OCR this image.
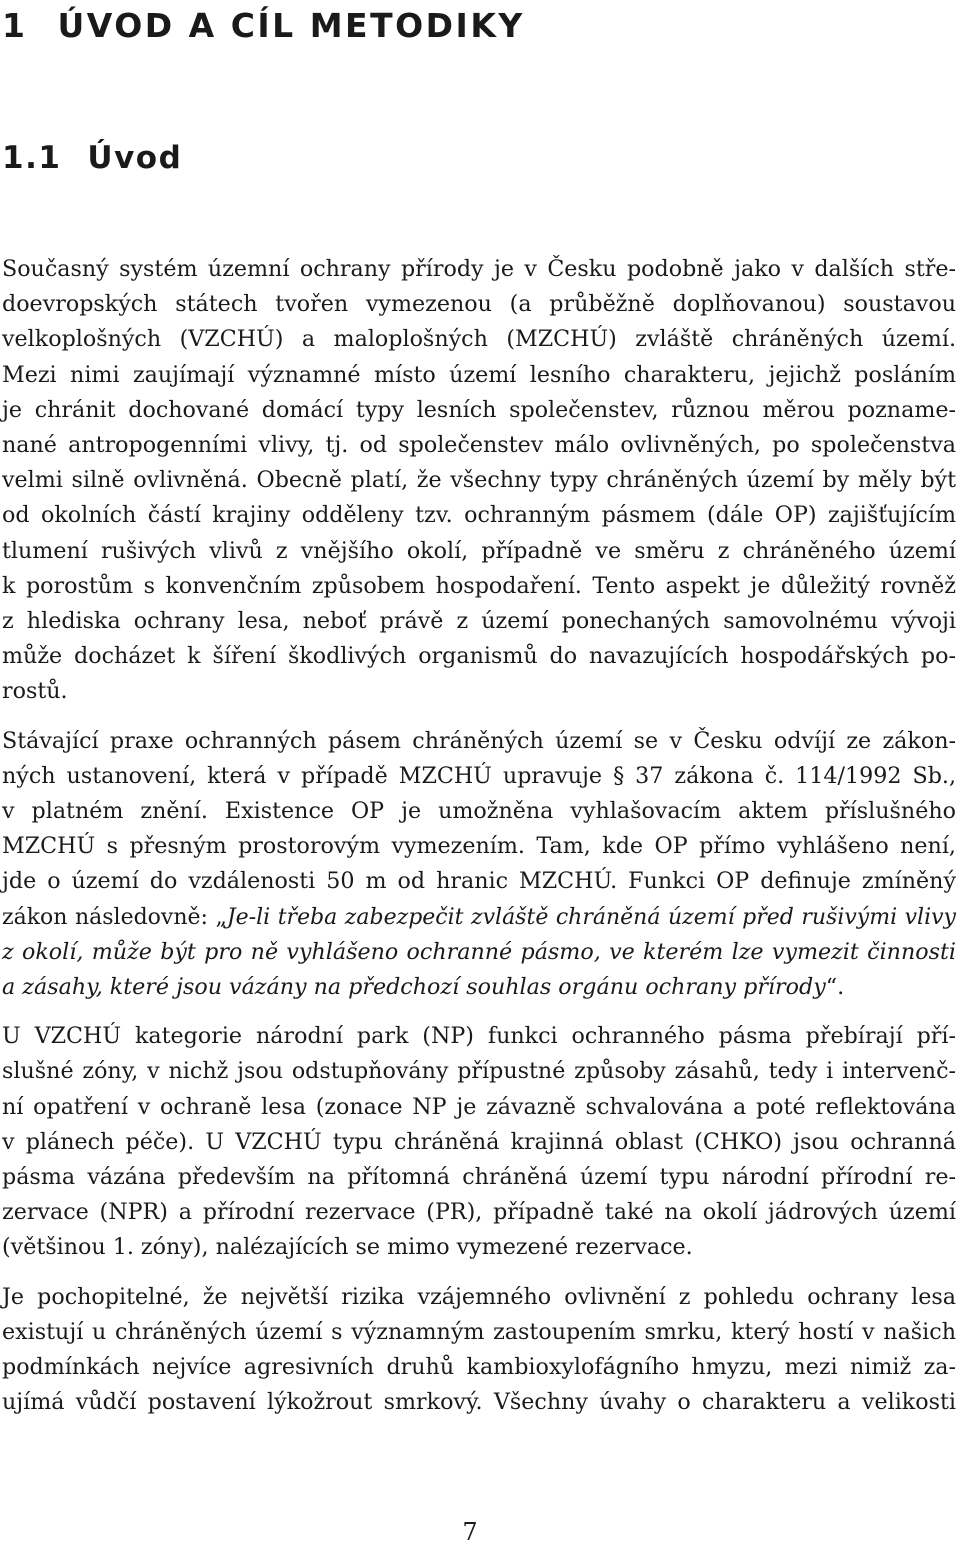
1 ÚVOD A CÍL METODIKY
1.1 Úvod

Současný systém územní ochrany přírody je v Česku podobně jako v dalších stře-
doevropských státech tvořen vymezenou (a průběžně doplňovanou) soustavou
velkoplošných (VZCHÚ) a maloplošných (MZCHÚ) zvláště chráněných území.
Mezi nimi zaujímají významné místo území lesního charakteru, jejichž posláním
je chránit dochované domácí typy lesních společenstev, různou měrou poznamе-
nané antropogenními vlivy, tj. od společenstev málo ovlivněných, po společenstva
velmi silně ovlivněná. Obecně platí, že všechny typy chráněných území by měly být
od okolních částí krajiny odděleny tzv. ochranným pásmem (dále OP) zajišťujícím
tlumení rušivých vlivů z vnějšího okolí, případně ve směru z chráněného území
k porostům s konvenčním způsobem hospodaření. Tento aspekt je důležitý rovněž
z hlediska ochrany lesa, neboť právě z území ponechaných samovolnému vývoji
může docházet k šíření škodlivých organismů do navazujících hospodářských po-
rostů.

Stávající praxe ochranných pásem chráněných území se v Česku odvíjí ze zákon-
ných ustanovení, která v případě MZCHÚ upravuje § 37 zákona č. 114/1992 Sb.,
v platném znění. Existence OP je umožněna vyhlašovacím aktem příslušného
MZCHÚ s přesným prostorovým vymezením. Tam, kde OP přímo vyhlášeno není,
jde o území do vzdálenosti 50 m od hranic MZCHÚ. Funkci OP definuje zmíněný
zákon následovně: „Je-li třeba zabezpečit zvláště chráněná území před rušivými vlivy
z okolí, může být pro ně vyhlášeno ochranné pásmo, ve kterém lze vymezit činnosti
a zásahy, které jsou vázány na předchozí souhlas orgánu ochrany přírody“.

U VZCHÚ kategorie národní park (NP) funkci ochranného pásma přebírají pří-
slušné zóny, v nichž jsou odstupňovány přípustné způsoby zásahů, tedy i intervenč-
ní opatření v ochraně lesa (zonace NP je závazně schvalována a poté reflektována
v plánech péče). U VZCHÚ typu chráněná krajinná oblast (CHKO) jsou ochranná
pásma vázána především na přítomná chráněná území typu národní přírodní re-
zervace (NPR) a přírodní rezervace (PR), případně také na okolí jádrových území
(většinou 1. zóny), nalézajících se mimo vymezené rezervace.

Je pochopitelné, že největší rizika vzájemného ovlivnění z pohledu ochrany lesa
existují u chráněných území s významným zastoupením smrku, který hostí v našich
podmínkách nejvíce agresivních druhů kambioxylofágního hmyzu, mezi nimiž za-
ujímá vůdčí postavení lýkožrout smrkový. Všechny úvahy o charakteru a velikosti

7
